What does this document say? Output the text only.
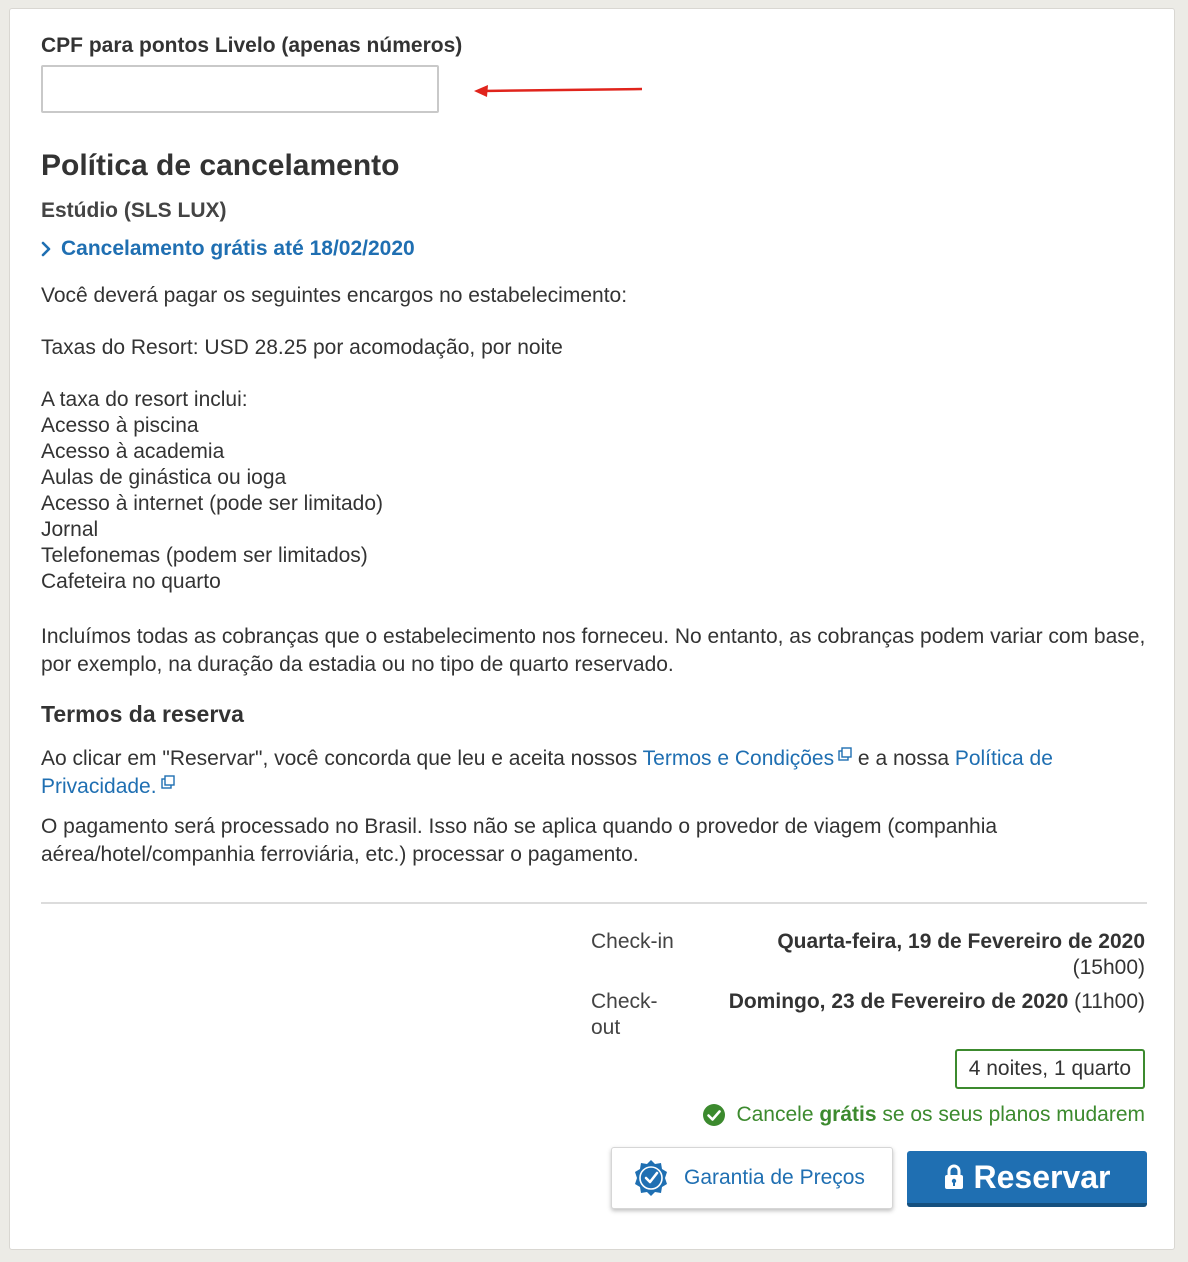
CPF para pontos Livelo (apenas números)
Política de cancelamento
Estúdio (SLS LUX)
Cancelamento grátis até 18/02/2020
Você deverá pagar os seguintes encargos no estabelecimento:
Taxas do Resort: USD 28.25 por acomodação, por noite
A taxa do resort inclui:
Acesso à piscina
Acesso à academia
Aulas de ginástica ou ioga
Acesso à internet (pode ser limitado)
Jornal
Telefonemas (podem ser limitados)
Cafeteira no quarto
Incluímos todas as cobranças que o estabelecimento nos forneceu. No entanto, as cobranças podem variar com base, por exemplo, na duração da estadia ou no tipo de quarto reservado.
Termos da reserva
Ao clicar em "Reservar", você concorda que leu e aceita nossos Termos e Condições e a nossa Política de Privacidade.
O pagamento será processado no Brasil. Isso não se aplica quando o provedor de viagem (companhia aérea/hotel/companhia ferroviária, etc.) processar o pagamento.
Check-in	Quarta-feira, 19 de Fevereiro de 2020
(15h00)
Check-out
Domingo, 23 de Fevereiro de 2020 (11h00)
4 noites, 1 quarto
Cancele grátis se os seus planos mudarem
Garantia de Preços	Reservar
